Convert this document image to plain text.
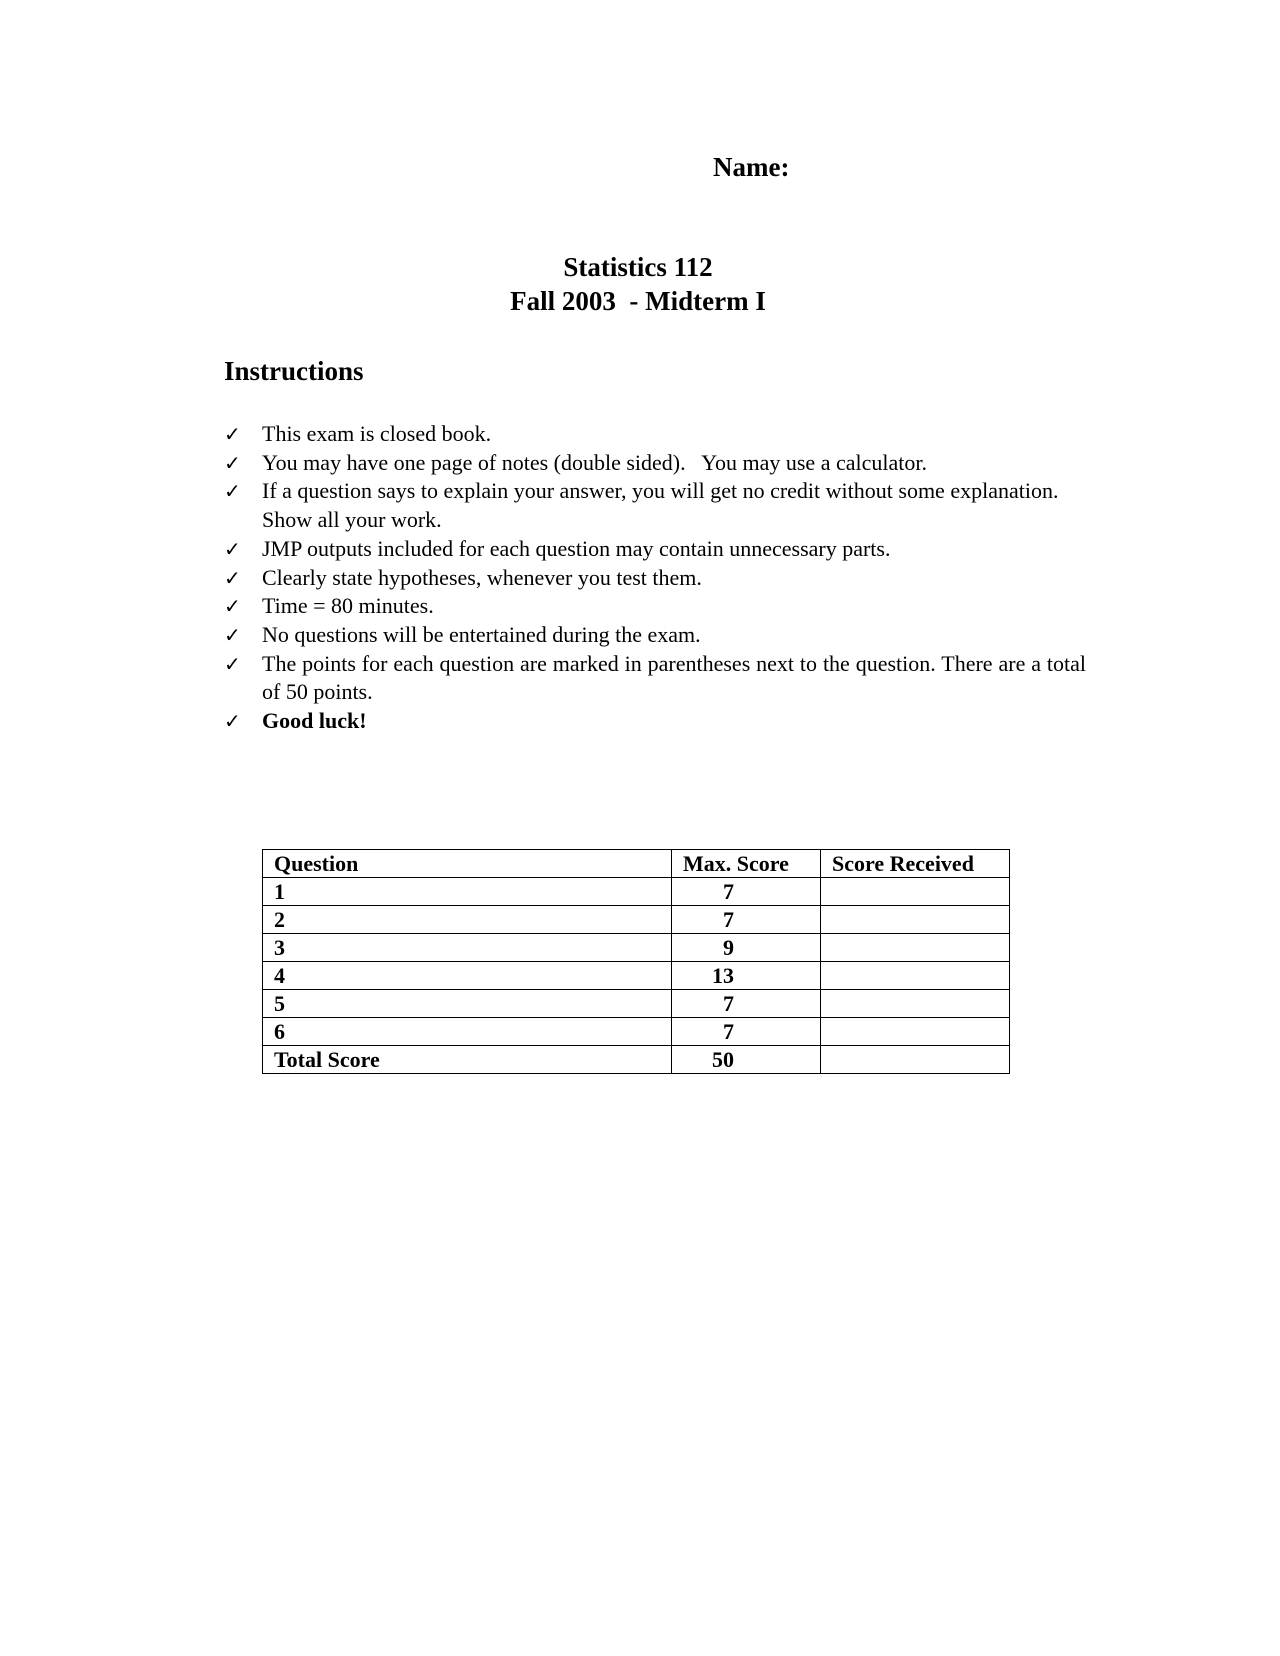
Name:
Statistics 112
Fall 2003  - Midterm I
Instructions
✓ This exam is closed book.
✓ You may have one page of notes (double sided).   You may use a calculator.
✓ If a question says to explain your answer, you will get no credit without some explanation.  Show all your work.
✓ JMP outputs included for each question may contain unnecessary parts.
✓ Clearly state hypotheses, whenever you test them.
✓ Time = 80 minutes.
✓ No questions will be entertained during the exam.
✓ The points for each question are marked in parentheses next to the question. There are a total of 50 points.
✓ Good luck!
Question	Max. Score	Score Received
1	7	
2	7	
3	9	
4	13	
5	7	
6	7	
Total Score	50	
